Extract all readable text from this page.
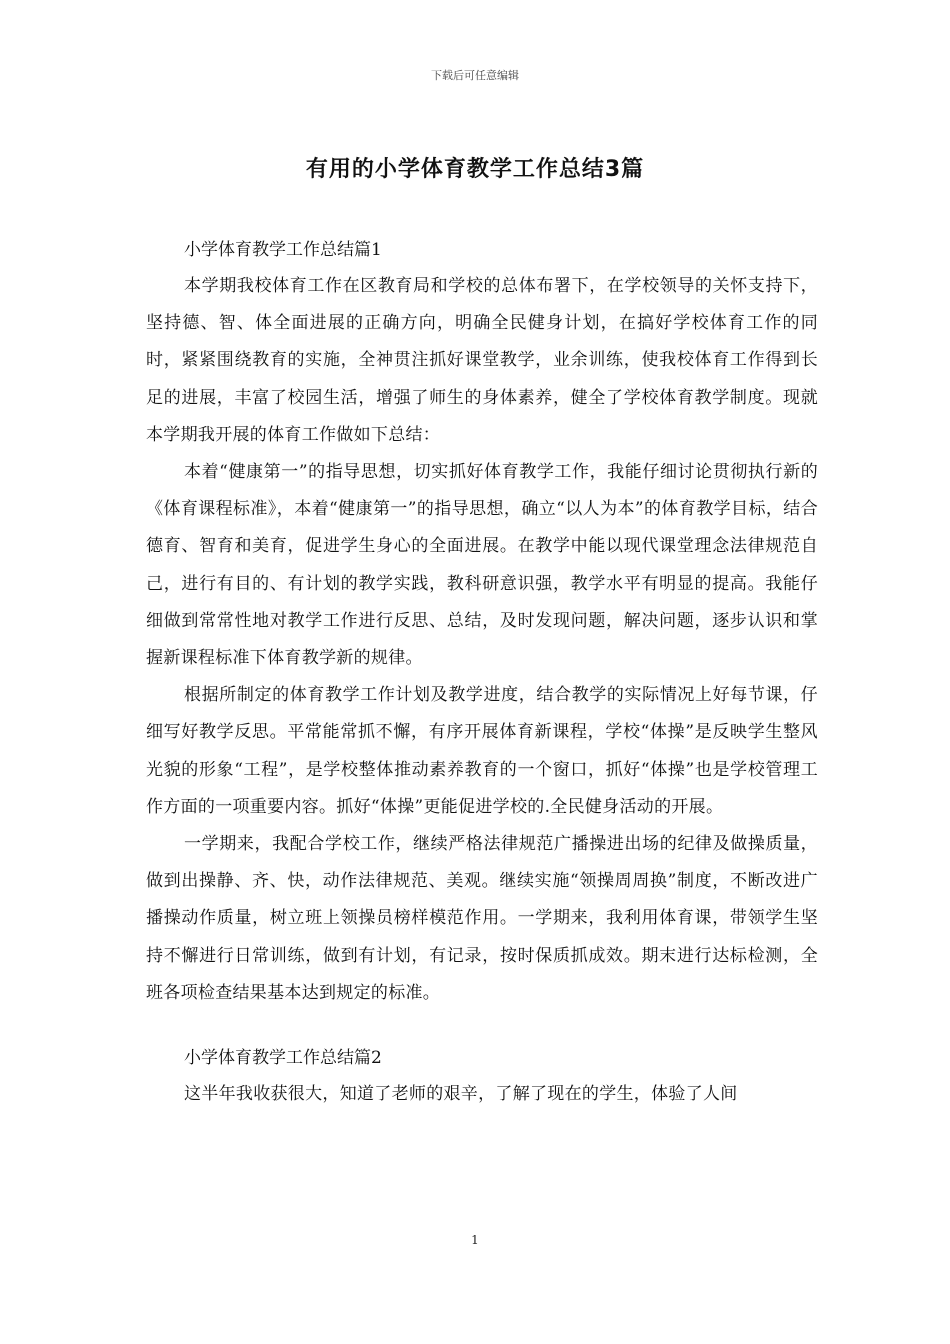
下载后可任意编辑
有用的小学体育教学工作总结3篇

小学体育教学工作总结篇1

本学期我校体育工作在区教育局和学校的总体布署下，在学校领导的关怀支持下，坚持德、智、体全面进展的正确方向，明确全民健身计划，在搞好学校体育工作的同时，紧紧围绕教育的实施，全神贯注抓好课堂教学，业余训练，使我校体育工作得到长足的进展，丰富了校园生活，增强了师生的身体素养，健全了学校体育教学制度。现就本学期我开展的体育工作做如下总结：

本着“健康第一”的指导思想，切实抓好体育教学工作，我能仔细讨论贯彻执行新的《体育课程标准》，本着“健康第一”的指导思想，确立“以人为本”的体育教学目标，结合德育、智育和美育，促进学生身心的全面进展。在教学中能以现代课堂理念法律规范自己，进行有目的、有计划的教学实践，教科研意识强，教学水平有明显的提高。我能仔细做到常常性地对教学工作进行反思、总结，及时发现问题，解决问题，逐步认识和掌握新课程标准下体育教学新的规律。

根据所制定的体育教学工作计划及教学进度，结合教学的实际情况上好每节课，仔细写好教学反思。平常能常抓不懈，有序开展体育新课程，学校“体操”是反映学生整风光貌的形象“工程”，是学校整体推动素养教育的一个窗口，抓好“体操”也是学校管理工作方面的一项重要内容。抓好“体操”更能促进学校的.全民健身活动的开展。

一学期来，我配合学校工作，继续严格法律规范广播操进出场的纪律及做操质量，做到出操静、齐、快，动作法律规范、美观。继续实施“领操周周换”制度，不断改进广播操动作质量，树立班上领操员榜样模范作用。一学期来，我利用体育课，带领学生坚持不懈进行日常训练，做到有计划，有记录，按时保质抓成效。期末进行达标检测，全班各项检查结果基本达到规定的标准。

小学体育教学工作总结篇2

这半年我收获很大，知道了老师的艰辛，了解了现在的学生，体验了人间

1
